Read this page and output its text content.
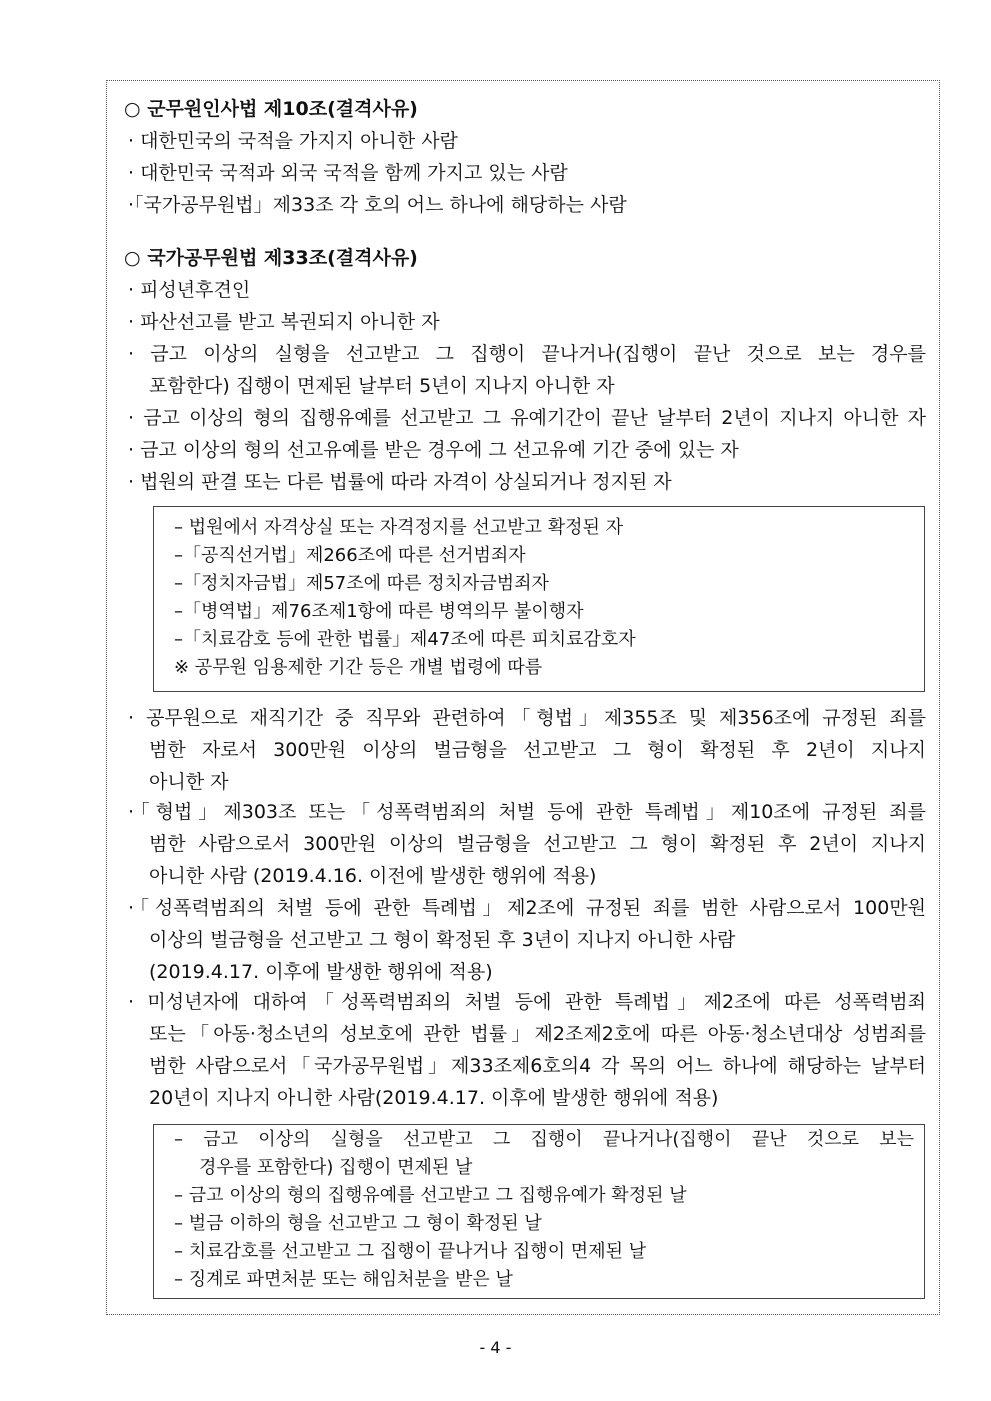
○ 군무원인사법 제10조(결격사유)
· 대한민국의 국적을 가지지 아니한 사람
· 대한민국 국적과 외국 국적을 함께 가지고 있는 사람
·「국가공무원법」제33조 각 호의 어느 하나에 해당하는 사람
○ 국가공무원법 제33조(결격사유)
· 피성년후견인
· 파산선고를 받고 복권되지 아니한 자
· 금고 이상의 실형을 선고받고 그 집행이 끝나거나(집행이 끝난 것으로 보는 경우를
포함한다) 집행이 면제된 날부터 5년이 지나지 아니한 자
· 금고 이상의 형의 집행유예를 선고받고 그 유예기간이 끝난 날부터 2년이 지나지 아니한 자
· 금고 이상의 형의 선고유예를 받은 경우에 그 선고유예 기간 중에 있는 자
· 법원의 판결 또는 다른 법률에 따라 자격이 상실되거나 정지된 자
– 법원에서 자격상실 또는 자격정지를 선고받고 확정된 자
–「공직선거법」제266조에 따른 선거범죄자
–「정치자금법」제57조에 따른 정치자금범죄자
–「병역법」제76조제1항에 따른 병역의무 불이행자
–「치료감호 등에 관한 법률」제47조에 따른 피치료감호자
※ 공무원 임용제한 기간 등은 개별 법령에 따름
· 공무원으로 재직기간 중 직무와 관련하여「형법」제355조 및 제356조에 규정된 죄를
범한 자로서 300만원 이상의 벌금형을 선고받고 그 형이 확정된 후 2년이 지나지
아니한 자
·「형법」제303조 또는「성폭력범죄의 처벌 등에 관한 특례법」제10조에 규정된 죄를
범한 사람으로서 300만원 이상의 벌금형을 선고받고 그 형이 확정된 후 2년이 지나지
아니한 사람 (2019.4.16. 이전에 발생한 행위에 적용)
·「성폭력범죄의 처벌 등에 관한 특례법」제2조에 규정된 죄를 범한 사람으로서 100만원
이상의 벌금형을 선고받고 그 형이 확정된 후 3년이 지나지 아니한 사람
(2019.4.17. 이후에 발생한 행위에 적용)
· 미성년자에 대하여「성폭력범죄의 처벌 등에 관한 특례법」제2조에 따른 성폭력범죄
또는「아동·청소년의 성보호에 관한 법률」제2조제2호에 따른 아동·청소년대상 성범죄를
범한 사람으로서「국가공무원법」제33조제6호의4 각 목의 어느 하나에 해당하는 날부터
20년이 지나지 아니한 사람(2019.4.17. 이후에 발생한 행위에 적용)
– 금고 이상의 실형을 선고받고 그 집행이 끝나거나(집행이 끝난 것으로 보는
경우를 포함한다) 집행이 면제된 날
– 금고 이상의 형의 집행유예를 선고받고 그 집행유예가 확정된 날
– 벌금 이하의 형을 선고받고 그 형이 확정된 날
– 치료감호를 선고받고 그 집행이 끝나거나 집행이 면제된 날
– 징계로 파면처분 또는 해임처분을 받은 날
- 4 -
